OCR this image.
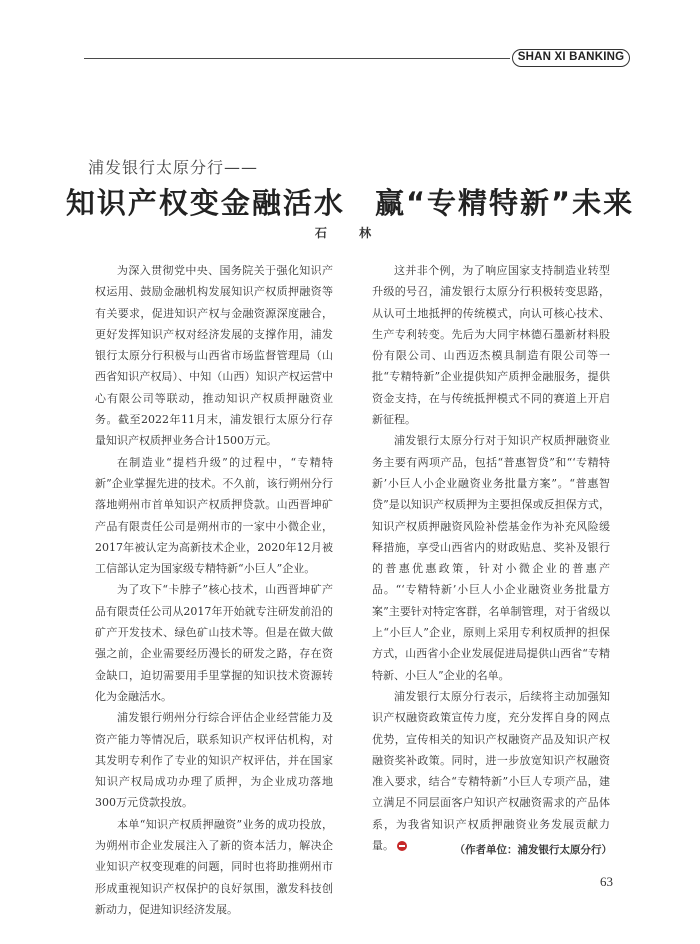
SHAN XI BANKING
浦发银行太原分行——
知识产权变金融活水 赢“专精特新”未来
石 林

为深入贯彻党中央、国务院关于强化知识产权运用、鼓励金融机构发展知识产权质押融资等有关要求，促进知识产权与金融资源深度融合，更好发挥知识产权对经济发展的支撑作用，浦发银行太原分行积极与山西省市场监督管理局（山西省知识产权局）、中知（山西）知识产权运营中心有限公司等联动，推动知识产权质押融资业务。截至2022年11月末，浦发银行太原分行存量知识产权质押业务合计1500万元。

在制造业“提档升级”的过程中，“专精特新”企业掌握先进的技术。不久前，该行朔州分行落地朔州市首单知识产权质押贷款。山西晋坤矿产品有限责任公司是朔州市的一家中小微企业，2017年被认定为高新技术企业，2020年12月被工信部认定为国家级专精特新“小巨人”企业。

为了攻下“卡脖子”核心技术，山西晋坤矿产品有限责任公司从2017年开始就专注研发前沿的矿产开发技术、绿色矿山技术等。但是在做大做强之前，企业需要经历漫长的研发之路，存在资金缺口，迫切需要用手里掌握的知识技术资源转化为金融活水。

浦发银行朔州分行综合评估企业经营能力及资产能力等情况后，联系知识产权评估机构，对其发明专利作了专业的知识产权评估，并在国家知识产权局成功办理了质押，为企业成功落地300万元贷款投放。

本单“知识产权质押融资”业务的成功投放，为朔州市企业发展注入了新的资本活力，解决企业知识产权变现难的问题，同时也将助推朔州市形成重视知识产权保护的良好氛围，激发科技创新动力，促进知识经济发展。

这并非个例，为了响应国家支持制造业转型升级的号召，浦发银行太原分行积极转变思路，从认可土地抵押的传统模式，向认可核心技术、生产专利转变。先后为大同宇林德石墨新材料股份有限公司、山西迈杰模具制造有限公司等一批“专精特新”企业提供知产质押金融服务，提供资金支持，在与传统抵押模式不同的赛道上开启新征程。

浦发银行太原分行对于知识产权质押融资业务主要有两项产品，包括“普惠智贷”和“‘专精特新’小巨人小企业融资业务批量方案”。“普惠智贷”是以知识产权质押为主要担保或反担保方式，知识产权质押融资风险补偿基金作为补充风险缓释措施，享受山西省内的财政贴息、奖补及银行的普惠优惠政策，针对小微企业的普惠产品。“‘专精特新’小巨人小企业融资业务批量方案”主要针对特定客群，名单制管理，对于省级以上“小巨人”企业，原则上采用专利权质押的担保方式，山西省小企业发展促进局提供山西省“专精特新、小巨人”企业的名单。

浦发银行太原分行表示，后续将主动加强知识产权融资政策宣传力度，充分发挥自身的网点优势，宣传相关的知识产权融资产品及知识产权融资奖补政策。同时，进一步放宽知识产权融资准入要求，结合“专精特新”小巨人专项产品，建立满足不同层面客户知识产权融资需求的产品体系，为我省知识产权质押融资业务发展贡献力量。	（作者单位：浦发银行太原分行）
63
